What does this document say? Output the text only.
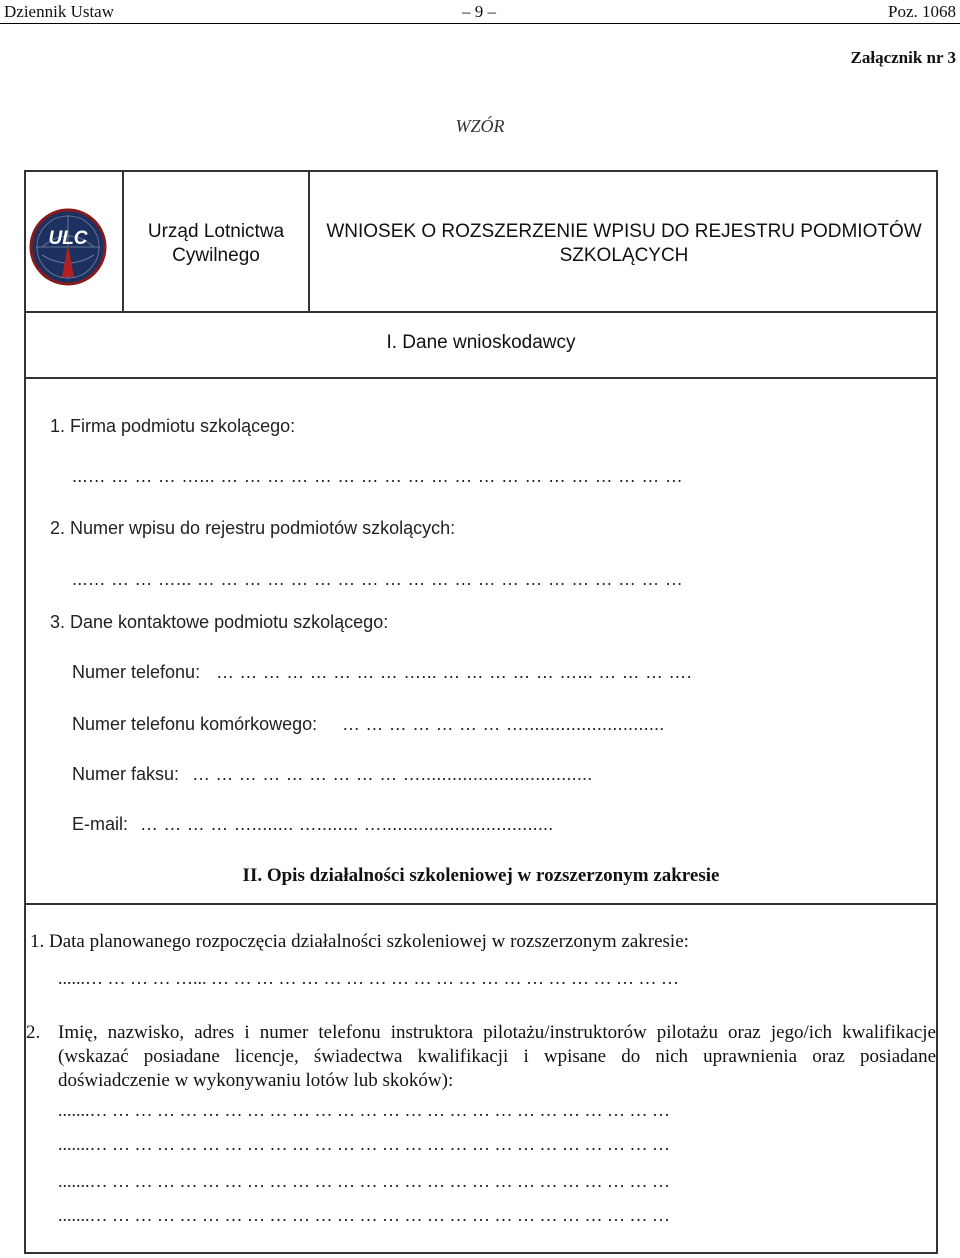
Dziennik Ustaw	– 9 –	Poz. 1068
Załącznik nr 3
WZÓR
ULC	Urząd Lotnictwa Cywilnego
WNIOSEK O ROZSZERZENIE WPISU DO REJESTRU PODMIOTÓW SZKOLĄCYCH
I. Dane wnioskodawcy
1. Firma podmiotu szkolącego:
...… … … … …... … … … … … … … … … … … … … … … … … … … …
2. Numer wpisu do rejestru podmiotów szkolących:
...… … … …... … … … … … … … … … … … … … … … … … … … … …
3. Dane kontaktowe podmiotu szkolącego:
Numer telefonu: … … … … … … … … …... … … … … … …... … … … ….
Numer telefonu komórkowego: … … … … … … … …...........................
Numer faksu: … … … … … … … … … ….................................
E-mail: … … … … …........ …........ ….................................
II. Opis działalności szkoleniowej w rozszerzonym zakresie
1. Data planowanego rozpoczęcia działalności szkoleniowej w rozszerzonym zakresie:
......… … … … …... … … … … … … … … … … … … … … … … … … … … …
2. Imię, nazwisko, adres i numer telefonu instruktora pilotażu/instruktorów pilotażu oraz jego/ich kwalifikacje (wskazać posiadane licencje, świadectwa kwalifikacji i wpisane do nich uprawnienia oraz posiadane doświadczenie w wykonywaniu lotów lub skoków):
.......… … … … … … … … … … … … … … … … … … … … … … … … … …
.......… … … … … … … … … … … … … … … … … … … … … … … … … …
.......… … … … … … … … … … … … … … … … … … … … … … … … … …
.......… … … … … … … … … … … … … … … … … … … … … … … … … …
